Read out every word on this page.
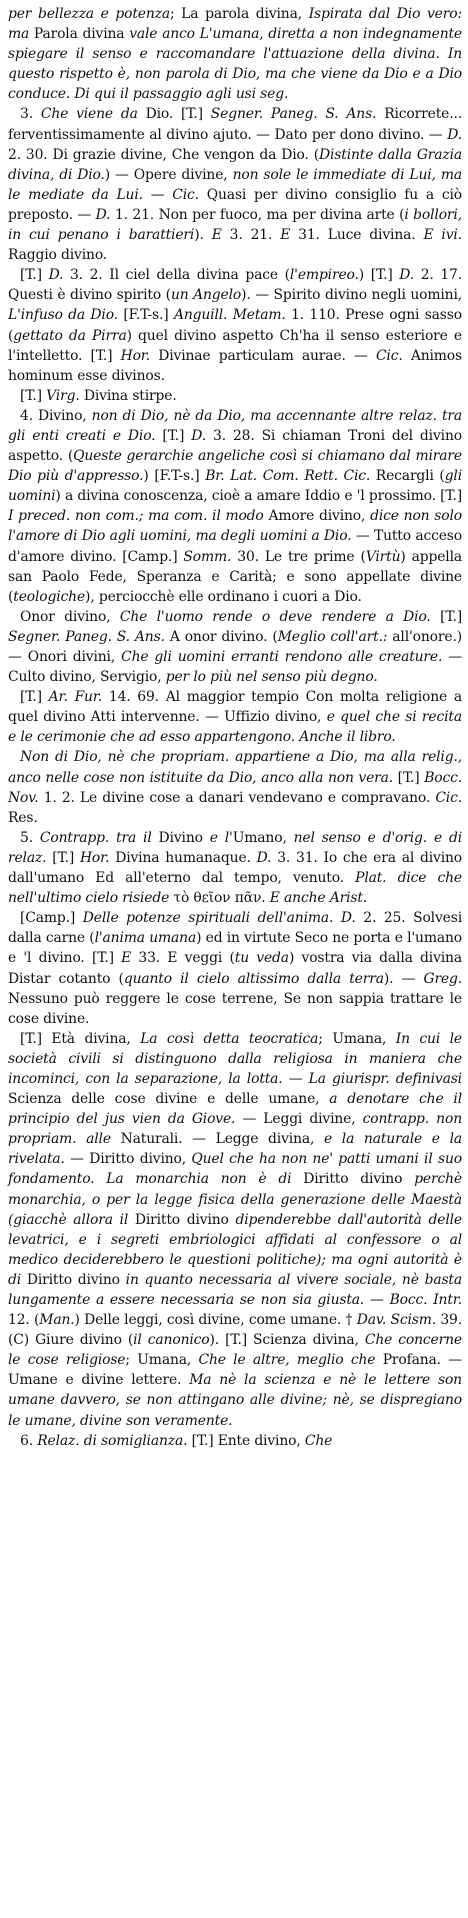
per bellezza e potenza; La parola divina, Ispirata dal Dio vero: ma Parola divina vale anco L'umana, diretta a non indegnamente spiegare il senso e raccomandare l'attuazione della divina. In questo rispetto è, non parola di Dio, ma che viene da Dio e a Dio conduce. Di qui il passaggio agli usi seg.

3. Che viene da Dio. [T.] Segner. Paneg. S. Ans. Ricorrete... ferventissimamente al divino ajuto. — Dato per dono divino. — D. 2. 30. Di grazie divine, Che vengon da Dio. (Distinte dalla Grazia divina, di Dio.) — Opere divine, non sole le immediate di Lui, ma le mediate da Lui. — Cic. Quasi per divino consiglio fu a ciò preposto. — D. 1. 21. Non per fuoco, ma per divina arte (i bollori, in cui penano i barattieri). E 3. 21. E 31. Luce divina. E ivi. Raggio divino.

[T.] D. 3. 2. Il ciel della divina pace (l'empireo.) [T.] D. 2. 17. Questi è divino spirito (un Angelo). — Spirito divino negli uomini, L'infuso da Dio. [F.T-s.] Anguill. Metam. 1. 110. Prese ogni sasso (gettato da Pirra) quel divino aspetto Ch'ha il senso esteriore e l'intelletto. [T.] Hor. Divinae particulam aurae. — Cic. Animos hominum esse divinos.

[T.] Virg. Divina stirpe.

4. Divino, non di Dio, nè da Dio, ma accennante altre relaz. tra gli enti creati e Dio. [T.] D. 3. 28. Si chiaman Troni del divino aspetto. (Queste gerarchie angeliche così si chiamano dal mirare Dio più d'appresso.) [F.T-s.] Br. Lat. Com. Rett. Cic. Recargli (gli uomini) a divina conoscenza, cioè a amare Iddio e 'l prossimo. [T.] I preced. non com.; ma com. il modo Amore divino, dice non solo l'amore di Dio agli uomini, ma degli uomini a Dio. — Tutto acceso d'amore divino. [Camp.] Somm. 30. Le tre prime (Virtù) appella san Paolo Fede, Speranza e Carità; e sono appellate divine (teologiche), perciocchè elle ordinano i cuori a Dio.

Onor divino, Che l'uomo rende o deve rendere a Dio. [T.] Segner. Paneg. S. Ans. A onor divino. (Meglio coll'art.: all'onore.) — Onori divini, Che gli uomini erranti rendono alle creature. — Culto divino, Servigio, per lo più nel senso più degno.

[T.] Ar. Fur. 14. 69. Al maggior tempio Con molta religione a quel divino Atti intervenne. — Uffizio divino, e quel che si recita e le cerimonie che ad esso appartengono. Anche il libro.

Non di Dio, nè che propriam. appartiene a Dio, ma alla relig., anco nelle cose non istituite da Dio, anco alla non vera. [T.] Bocc. Nov. 1. 2. Le divine cose a danari vendevano e compravano. Cic. Res.

5. Contrapp. tra il Divino e l'Umano, nel senso e d'orig. e di relaz. [T.] Hor. Divina humanaque. D. 3. 31. Io che era al divino dall'umano Ed all'eterno dal tempo, venuto. Plat. dice che nell'ultimo cielo risiede τὸ θεῖον πᾶν. E anche Arist.

[Camp.] Delle potenze spirituali dell'anima. D. 2. 25. Solvesi dalla carne (l'anima umana) ed in virtute Seco ne porta e l'umano e 'l divino. [T.] E 33. E veggi (tu veda) vostra via dalla divina Distar cotanto (quanto il cielo altissimo dalla terra). — Greg. Nessuno può reggere le cose terrene, Se non sappia trattare le cose divine.

[T.] Età divina, La così detta teocratica; Umana, In cui le società civili si distinguono dalla religiosa in maniera che incominci, con la separazione, la lotta. — La giurispr. definivasi Scienza delle cose divine e delle umane, a denotare che il principio del jus vien da Giove. — Leggi divine, contrapp. non propriam. alle Naturali. — Legge divina, e la naturale e la rivelata. — Diritto divino, Quel che ha non ne' patti umani il suo fondamento. La monarchia non è di Diritto divino perchè monarchia, o per la legge fisica della generazione delle Maestà (giacchè allora il Diritto divino dipenderebbe dall'autorità delle levatrici, e i segreti embriologici affidati al confessore o al medico deciderebbero le questioni politiche); ma ogni autorità è di Diritto divino in quanto necessaria al vivere sociale, nè basta lungamente a essere necessaria se non sia giusta. — Bocc. Intr. 12. (Man.) Delle leggi, così divine, come umane. † Dav. Scism. 39. (C) Giure divino (il canonico). [T.] Scienza divina, Che concerne le cose religiose; Umana, Che le altre, meglio che Profana. — Umane e divine lettere. Ma nè la scienza e nè le lettere son umane davvero, se non attingano alle divine; nè, se dispregiano le umane, divine son veramente.

6. Relaz. di somiglianza. [T.] Ente divino, Che
